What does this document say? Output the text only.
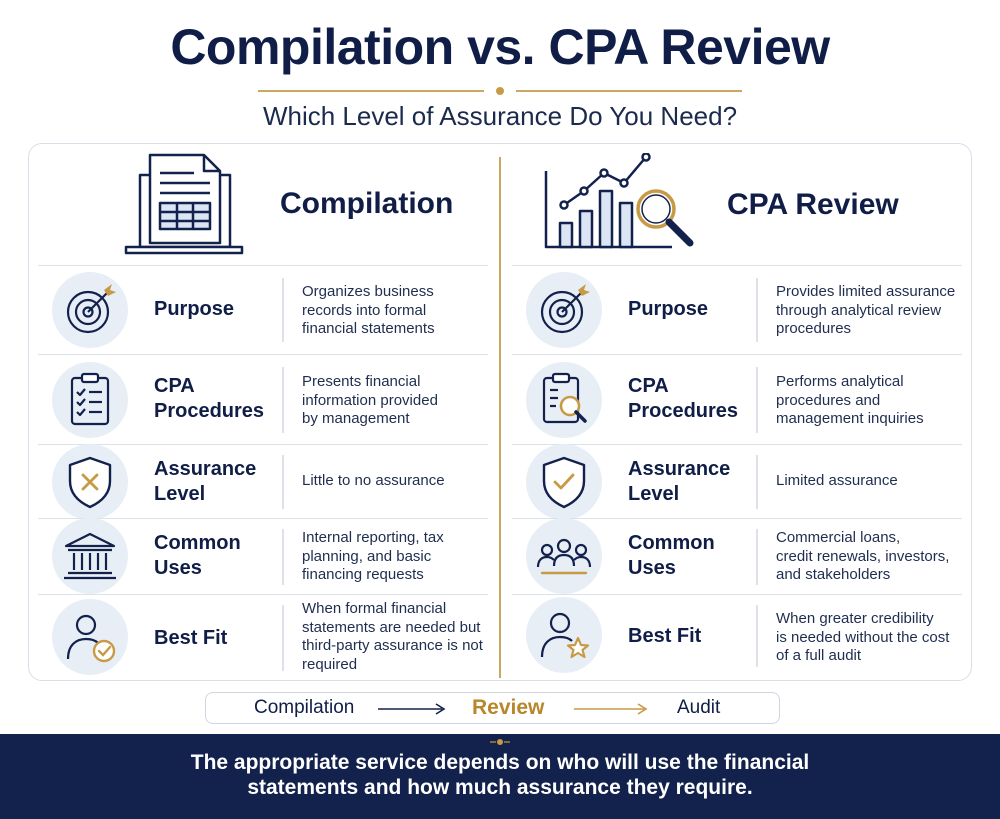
Compilation vs. CPA Review
Which Level of Assurance Do You Need?
Compilation
Purpose
Organizes business
records into formal
financial statements
CPA
Procedures
Presents financial
information provided
by management
Assurance
Level
Little to no assurance
Common
Uses
Internal reporting, tax
planning, and basic
financing requests
Best Fit
When formal financial
statements are needed but
third-party assurance is not
required
CPA Review
Purpose
Provides limited assurance
through analytical review
procedures
CPA
Procedures
Performs analytical
procedures and
management inquiries
Assurance
Level
Limited assurance
Common
Uses
Commercial loans,
credit renewals, investors,
and stakeholders
Best Fit
When greater credibility
is needed without the cost
of a full audit
Compilation	Review	Audit
The appropriate service depends on who will use the financial
statements and how much assurance they require.
